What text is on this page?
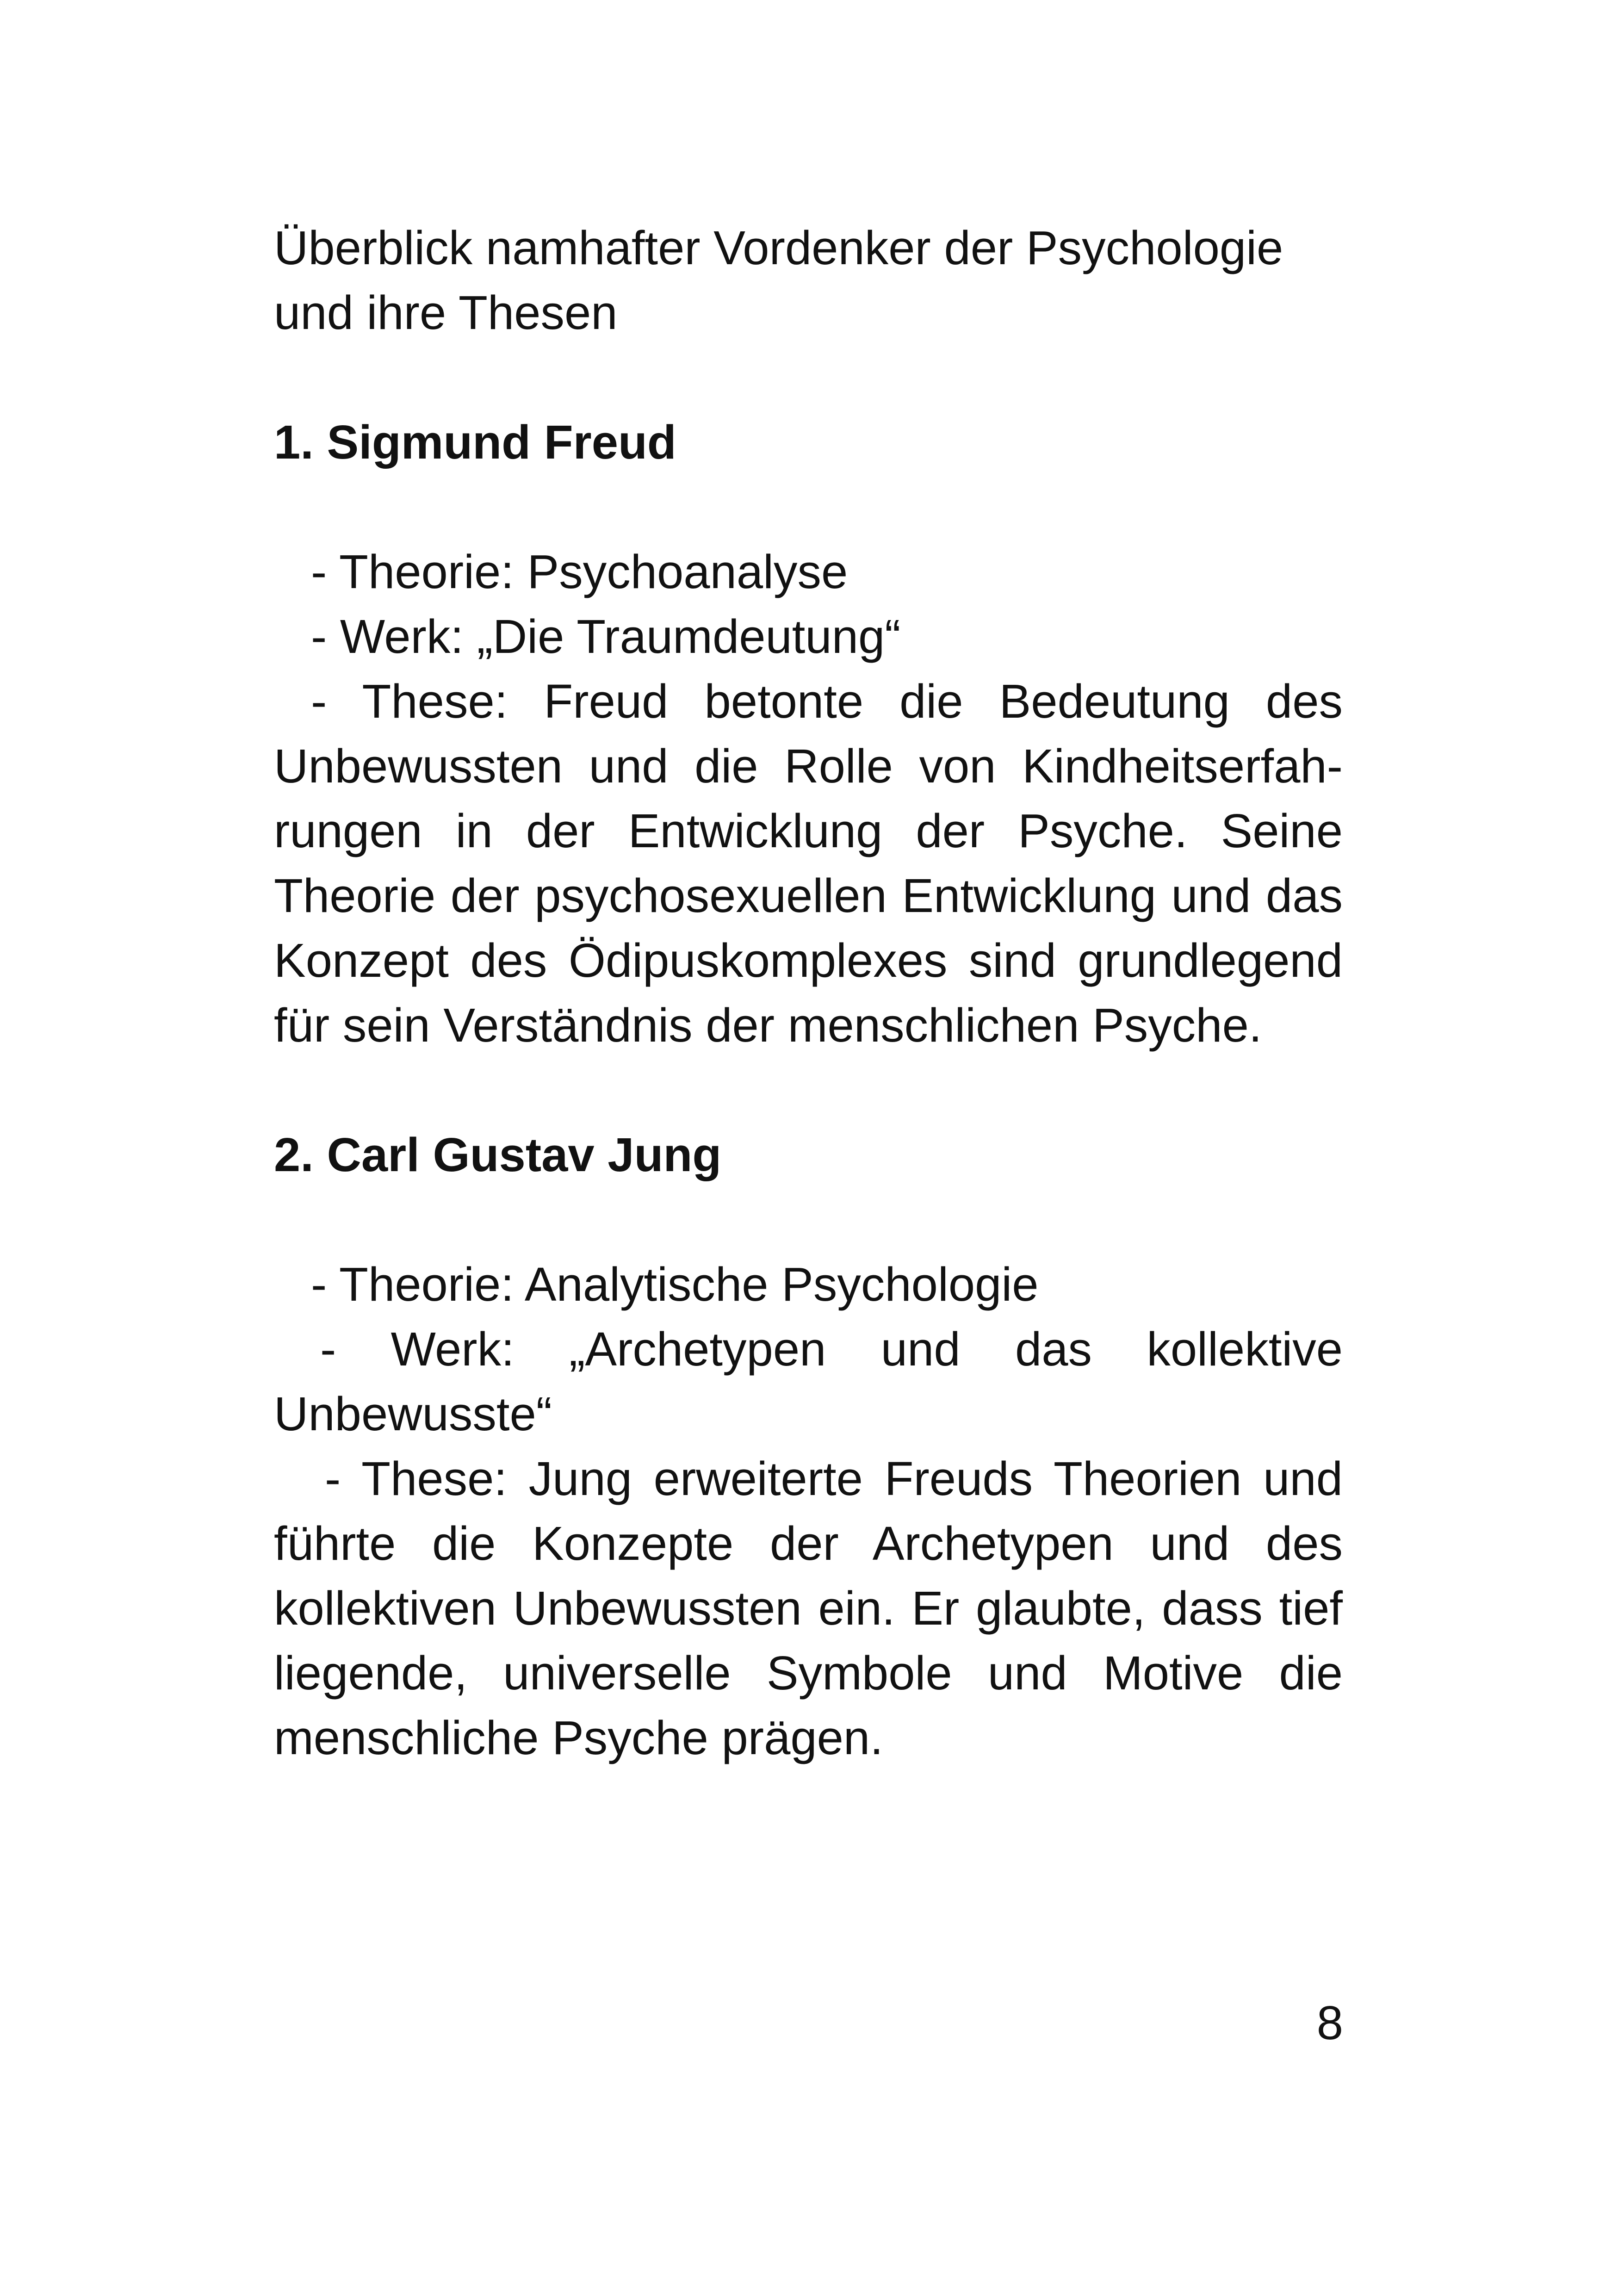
Überblick namhafter Vordenker der Psychologie und ihre Thesen

1. Sigmund Freud

- Theorie: Psychoanalyse

- Werk: „Die Traumdeutung“

- These: Freud betonte die Bedeutung des Unbewussten und die Rolle von Kindheitserfahrungen in der Entwicklung der Psyche. Seine Theorie der psychosexuellen Entwicklung und das Konzept des Ödipuskomplexes sind grundlegend für sein Verständnis der menschlichen Psyche.

2. Carl Gustav Jung

- Theorie: Analytische Psychologie

- Werk: „Archetypen und das kollektive Unbewusste“

- These: Jung erweiterte Freuds Theorien und führte die Konzepte der Archetypen und des kollektiven Unbewussten ein. Er glaubte, dass tief liegende, universelle Symbole und Motive die menschliche Psyche prägen.

8
